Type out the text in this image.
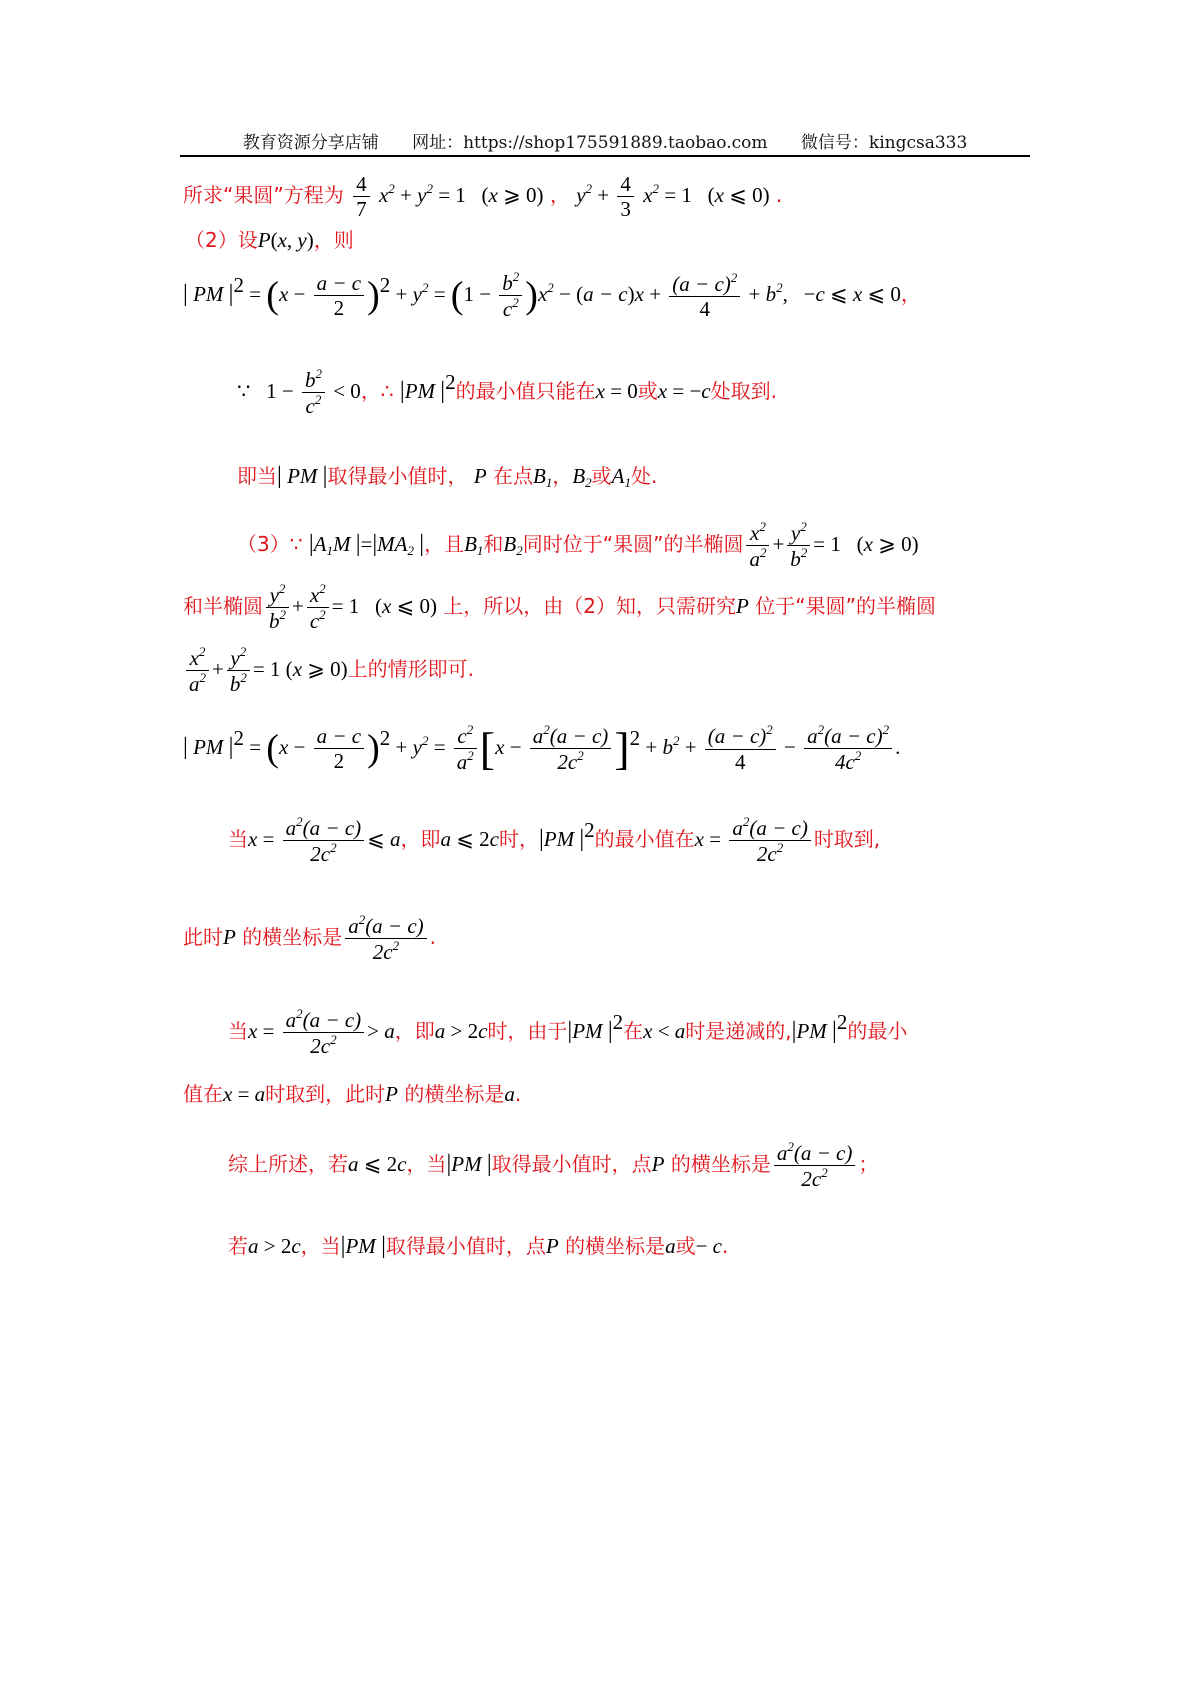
教育资源分享店铺 网址：https://shop175591889.taobao.com 微信号：kingcsa333
所求“果圆”方程为 $\frac{4}{7} x^2 + y^2 = 1$   (x ⩾ 0) ， $y^2 + \frac{4}{3} x^2 = 1$   (x ⩽ 0) .
（2）设P(x, y)，则
| PM $|^2 = (x - \frac{a - c}{2} )^2 + y^2 = (1 - \frac{b^2}{c^2} )x^2 - (a - c)x + \frac{(a - c)^2}{4} + b^2$,   −c ⩽ x ⩽ 0，
∵   $1 - \frac{b^2}{c^2} < 0$，∴ |PM $|^2$的最小值只能在x = 0或x = −c处取到.
即当| PM |取得最小值时， P 在点$B_1$，$B_2$或$A_1$处.
（3）∵ $|A_1M$ $|=|MA_2$ |，且$B_1$和$B_2$同时位于“果圆”的半椭圆 $\frac{x^2}{a^2} + \frac{y^2}{b^2} = 1$   (x ⩾ 0)
和半椭圆 $\frac{y^2}{b^2} + \frac{x^2}{c^2} = 1$   (x ⩽ 0) 上，所以，由（2）知，只需研究P 位于“果圆”的半椭圆
$\frac{x^2}{a^2} + \frac{y^2}{b^2} = 1$ (x ⩾ 0)上的情形即可.
| PM $|^2 = (x - \frac{a - c}{2} )^2 + y^2 = \frac{c^2}{a^2} [x - \frac{a^2(a - c)}{2c^2} ]^2 + b^2 + \frac{(a - c)^2}{4} - \frac{a^2(a - c)^2}{4c^2}$ .
当$x = \frac{a^2(a - c)}{2c^2}$ ⩽ a，即a ⩽ 2c时，|PM $|^2$的最小值在$x = \frac{a^2(a - c)}{2c^2}$ 时取到,
此时P 的横坐标是 $\frac{a^2(a - c)}{2c^2}$ .
当$x = \frac{a^2(a - c)}{2c^2} > a$，即a > 2c时，由于|PM $|^2$在x < a时是递减的,|PM $|^2$的最小
值在x = a时取到，此时P 的横坐标是a.
综上所述，若a ⩽ 2c，当|PM |取得最小值时，点P 的横坐标是 $\frac{a^2(a - c)}{2c^2}$ ；
若a > 2c，当|PM |取得最小值时，点P 的横坐标是a或− c.
